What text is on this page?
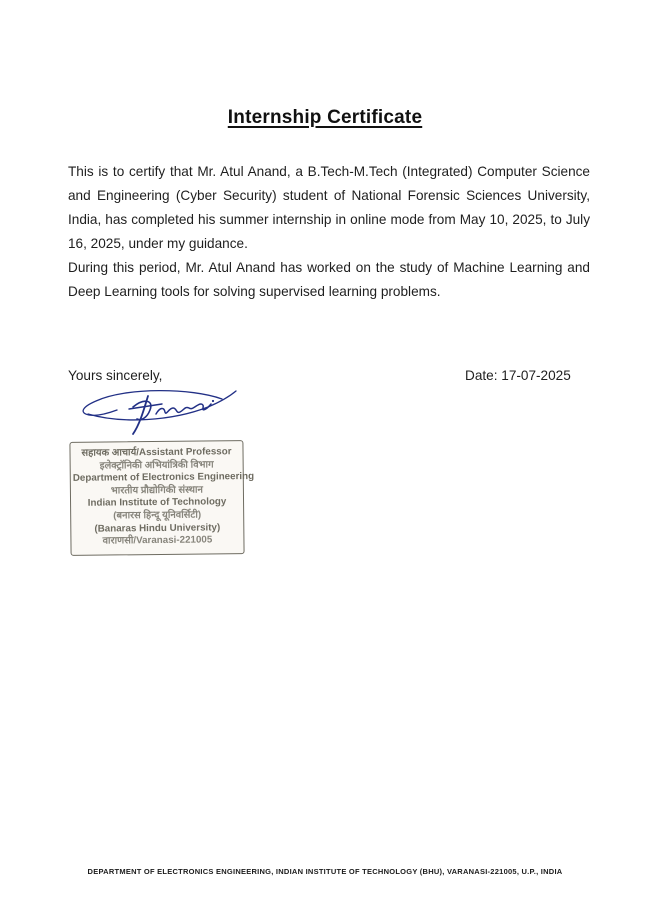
Internship Certificate

This is to certify that Mr. Atul Anand, a B.Tech-M.Tech (Integrated) Computer Science and Engineering (Cyber Security) student of National Forensic Sciences University, India, has completed his summer internship in online mode from May 10, 2025, to July 16, 2025, under my guidance.

During this period, Mr. Atul Anand has worked on the study of Machine Learning and Deep Learning tools for solving supervised learning problems.

Yours sincerely,	Date: 17-07-2025
सहायक आचार्य/Assistant Professor
इलेक्ट्रॉनिकी अभियांत्रिकी विभाग
Department of Electronics Engineering
भारतीय प्रौद्योगिकी संस्थान
Indian Institute of Technology
(बनारस हिन्दू यूनिवर्सिटी)
(Banaras Hindu University)
वाराणसी/Varanasi-221005
DEPARTMENT OF ELECTRONICS ENGINEERING, INDIAN INSTITUTE OF TECHNOLOGY (BHU), VARANASI-221005, U.P., INDIA
